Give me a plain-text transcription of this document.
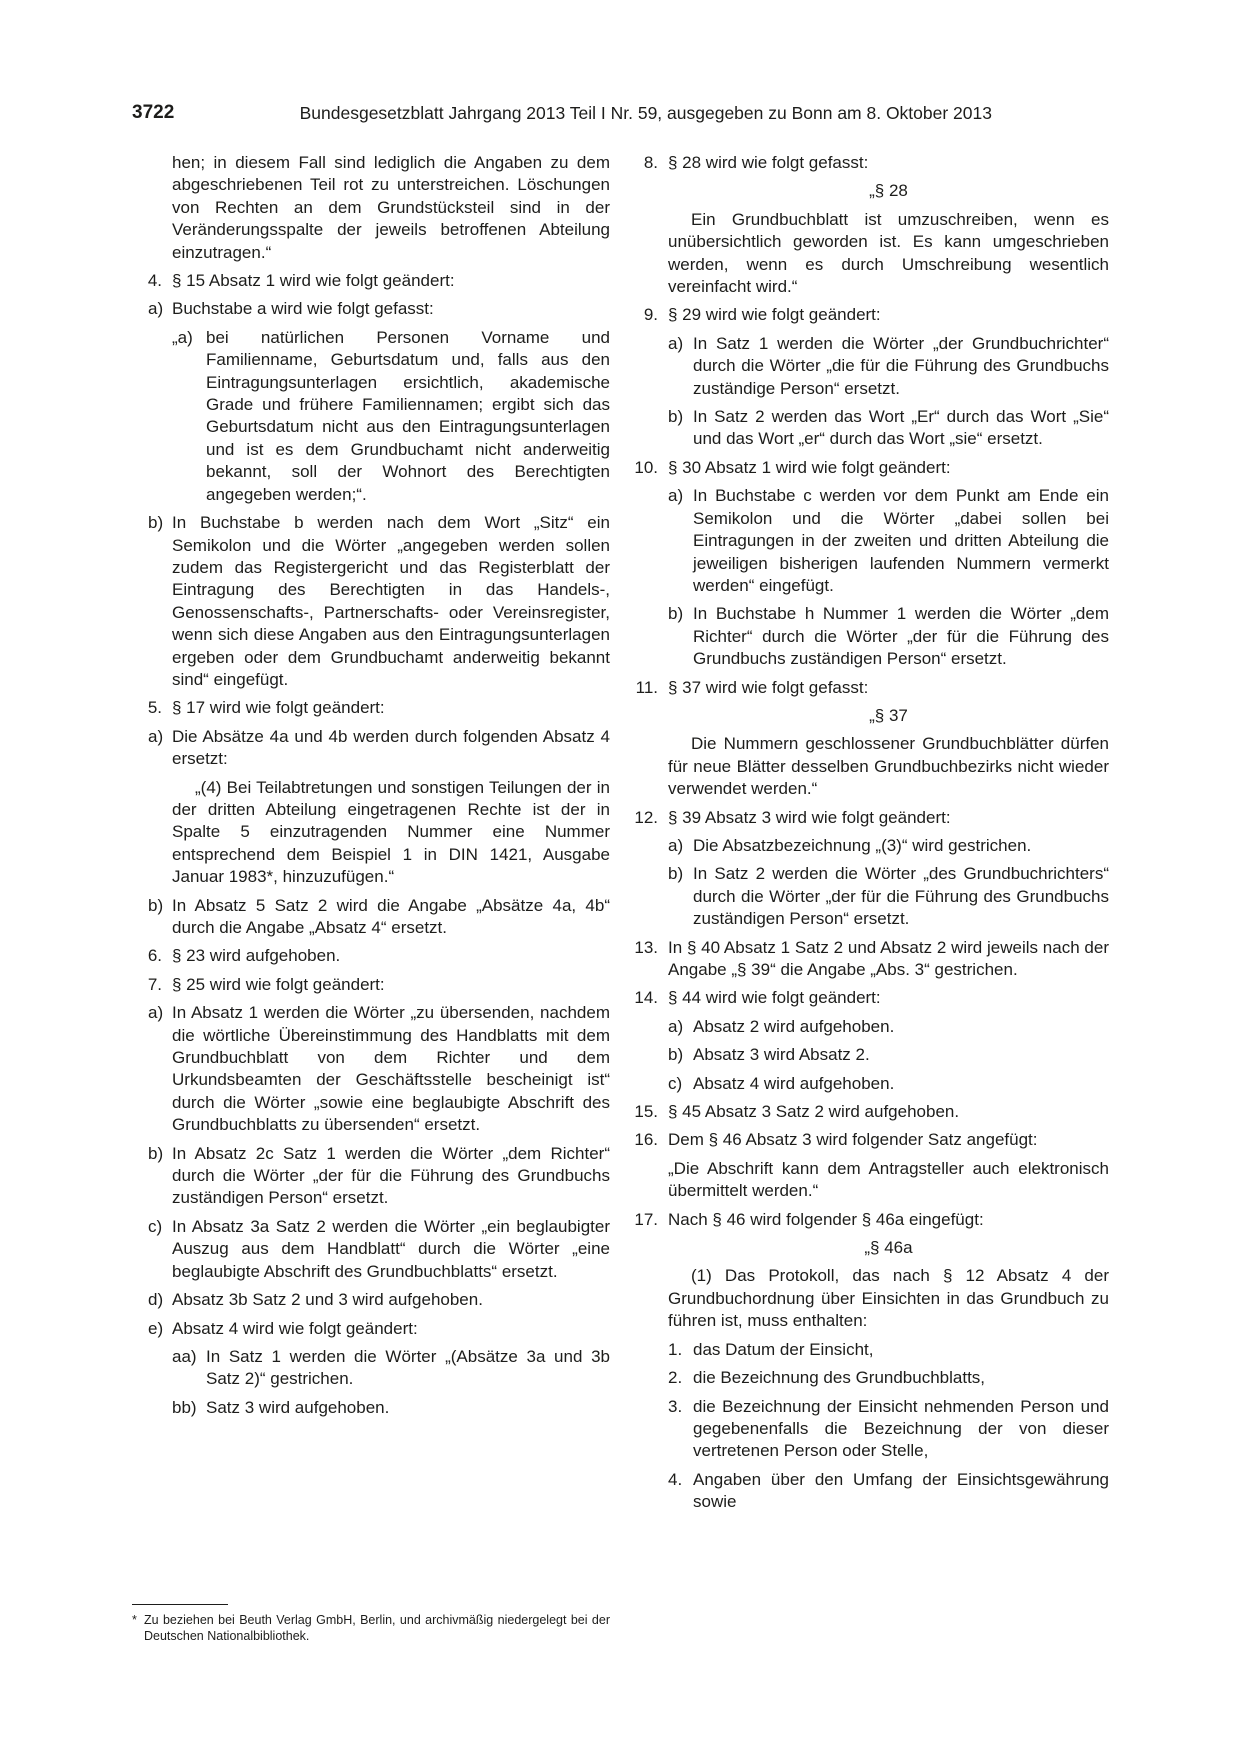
3722	Bundesgesetzblatt Jahrgang 2013 Teil I Nr. 59, ausgegeben zu Bonn am 8. Oktober 2013

hen; in diesem Fall sind lediglich die Angaben zu dem abgeschriebenen Teil rot zu unterstreichen. Löschungen von Rechten an dem Grundstücksteil sind in der Veränderungsspalte der jeweils betroffenen Abteilung einzutragen.“

4. § 15 Absatz 1 wird wie folgt geändert:

a) Buchstabe a wird wie folgt gefasst:

„a) bei natürlichen Personen Vorname und Familienname, Geburtsdatum und, falls aus den Eintragungsunterlagen ersichtlich, akademische Grade und frühere Familiennamen; ergibt sich das Geburtsdatum nicht aus den Eintragungsunterlagen und ist es dem Grundbuchamt nicht anderweitig bekannt, soll der Wohnort des Berechtigten angegeben werden;“.

b) In Buchstabe b werden nach dem Wort „Sitz“ ein Semikolon und die Wörter „angegeben werden sollen zudem das Registergericht und das Registerblatt der Eintragung des Berechtigten in das Handels-, Genossenschafts-, Partnerschafts- oder Vereinsregister, wenn sich diese Angaben aus den Eintragungsunterlagen ergeben oder dem Grundbuchamt anderweitig bekannt sind“ eingefügt.

5. § 17 wird wie folgt geändert:

a) Die Absätze 4a und 4b werden durch folgenden Absatz 4 ersetzt:

„(4) Bei Teilabtretungen und sonstigen Teilungen der in der dritten Abteilung eingetragenen Rechte ist der in Spalte 5 einzutragenden Nummer eine Nummer entsprechend dem Beispiel 1 in DIN 1421, Ausgabe Januar 1983*, hinzuzufügen.“

b) In Absatz 5 Satz 2 wird die Angabe „Absätze 4a, 4b“ durch die Angabe „Absatz 4“ ersetzt.

6. § 23 wird aufgehoben.

7. § 25 wird wie folgt geändert:

a) In Absatz 1 werden die Wörter „zu übersenden, nachdem die wörtliche Übereinstimmung des Handblatts mit dem Grundbuchblatt von dem Richter und dem Urkundsbeamten der Geschäftsstelle bescheinigt ist“ durch die Wörter „sowie eine beglaubigte Abschrift des Grundbuchblatts zu übersenden“ ersetzt.

b) In Absatz 2c Satz 1 werden die Wörter „dem Richter“ durch die Wörter „der für die Führung des Grundbuchs zuständigen Person“ ersetzt.

c) In Absatz 3a Satz 2 werden die Wörter „ein beglaubigter Auszug aus dem Handblatt“ durch die Wörter „eine beglaubigte Abschrift des Grundbuchblatts“ ersetzt.

d) Absatz 3b Satz 2 und 3 wird aufgehoben.

e) Absatz 4 wird wie folgt geändert:

aa) In Satz 1 werden die Wörter „(Absätze 3a und 3b Satz 2)“ gestrichen.

bb) Satz 3 wird aufgehoben.

8. § 28 wird wie folgt gefasst:

„§ 28

Ein Grundbuchblatt ist umzuschreiben, wenn es unübersichtlich geworden ist. Es kann umgeschrieben werden, wenn es durch Umschreibung wesentlich vereinfacht wird.“

9. § 29 wird wie folgt geändert:

a) In Satz 1 werden die Wörter „der Grundbuchrichter“ durch die Wörter „die für die Führung des Grundbuchs zuständige Person“ ersetzt.

b) In Satz 2 werden das Wort „Er“ durch das Wort „Sie“ und das Wort „er“ durch das Wort „sie“ ersetzt.

10. § 30 Absatz 1 wird wie folgt geändert:

a) In Buchstabe c werden vor dem Punkt am Ende ein Semikolon und die Wörter „dabei sollen bei Eintragungen in der zweiten und dritten Abteilung die jeweiligen bisherigen laufenden Nummern vermerkt werden“ eingefügt.

b) In Buchstabe h Nummer 1 werden die Wörter „dem Richter“ durch die Wörter „der für die Führung des Grundbuchs zuständigen Person“ ersetzt.

11. § 37 wird wie folgt gefasst:

„§ 37

Die Nummern geschlossener Grundbuchblätter dürfen für neue Blätter desselben Grundbuchbezirks nicht wieder verwendet werden.“

12. § 39 Absatz 3 wird wie folgt geändert:

a) Die Absatzbezeichnung „(3)“ wird gestrichen.

b) In Satz 2 werden die Wörter „des Grundbuchrichters“ durch die Wörter „der für die Führung des Grundbuchs zuständigen Person“ ersetzt.

13. In § 40 Absatz 1 Satz 2 und Absatz 2 wird jeweils nach der Angabe „§ 39“ die Angabe „Abs. 3“ gestrichen.

14. § 44 wird wie folgt geändert:

a) Absatz 2 wird aufgehoben.

b) Absatz 3 wird Absatz 2.

c) Absatz 4 wird aufgehoben.

15. § 45 Absatz 3 Satz 2 wird aufgehoben.

16. Dem § 46 Absatz 3 wird folgender Satz angefügt:

„Die Abschrift kann dem Antragsteller auch elektronisch übermittelt werden.“

17. Nach § 46 wird folgender § 46a eingefügt:

„§ 46a

(1) Das Protokoll, das nach § 12 Absatz 4 der Grundbuchordnung über Einsichten in das Grundbuch zu führen ist, muss enthalten:

1. das Datum der Einsicht,

2. die Bezeichnung des Grundbuchblatts,

3. die Bezeichnung der Einsicht nehmenden Person und gegebenenfalls die Bezeichnung der von dieser vertretenen Person oder Stelle,

4. Angaben über den Umfang der Einsichtsgewährung sowie

* Zu beziehen bei Beuth Verlag GmbH, Berlin, und archivmäßig niedergelegt bei der Deutschen Nationalbibliothek.
